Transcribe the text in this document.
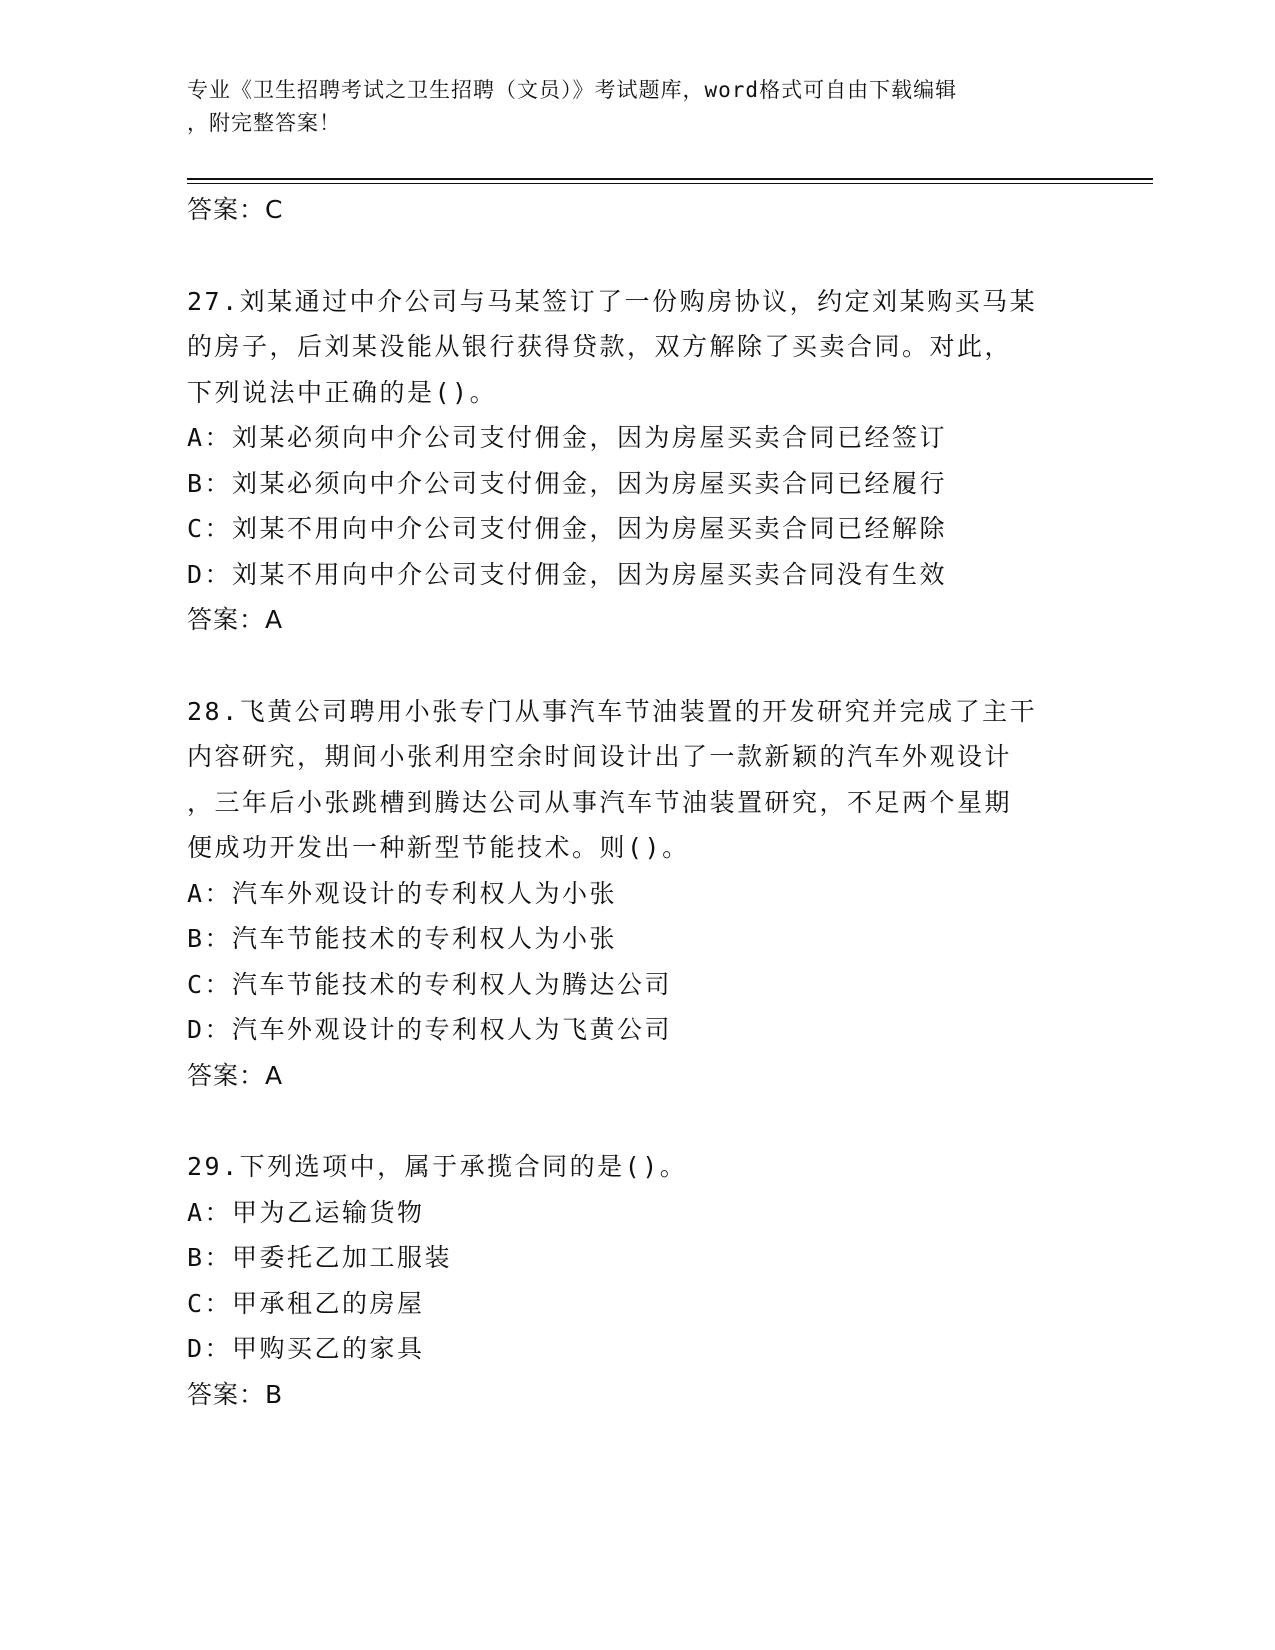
专业《卫生招聘考试之卫生招聘（文员）》考试题库，word格式可自由下载编辑

，附完整答案！

答案：C

27.刘某通过中介公司与马某签订了一份购房协议，约定刘某购买马某

的房子，后刘某没能从银行获得贷款，双方解除了买卖合同。对此，

下列说法中正确的是()。

A：刘某必须向中介公司支付佣金，因为房屋买卖合同已经签订

B：刘某必须向中介公司支付佣金，因为房屋买卖合同已经履行

C：刘某不用向中介公司支付佣金，因为房屋买卖合同已经解除

D：刘某不用向中介公司支付佣金，因为房屋买卖合同没有生效

答案：A

28.飞黄公司聘用小张专门从事汽车节油装置的开发研究并完成了主干

内容研究，期间小张利用空余时间设计出了一款新颖的汽车外观设计

，三年后小张跳槽到腾达公司从事汽车节油装置研究，不足两个星期

便成功开发出一种新型节能技术。则()。

A：汽车外观设计的专利权人为小张

B：汽车节能技术的专利权人为小张

C：汽车节能技术的专利权人为腾达公司

D：汽车外观设计的专利权人为飞黄公司

答案：A

29.下列选项中，属于承揽合同的是()。

A：甲为乙运输货物

B：甲委托乙加工服装

C：甲承租乙的房屋

D：甲购买乙的家具

答案：B
